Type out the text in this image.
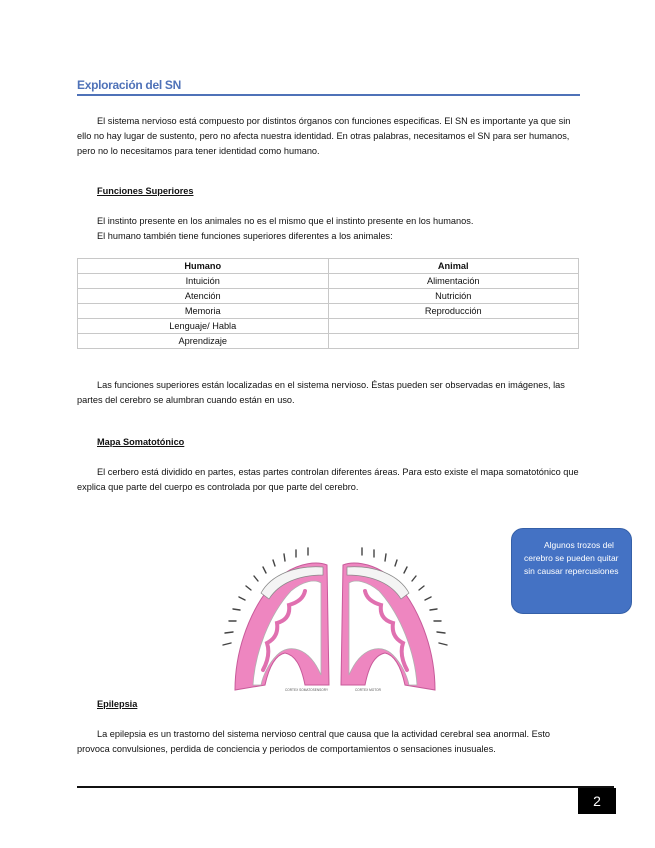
Exploración del SN

El sistema nervioso está compuesto por distintos órganos con funciones especificas. El SN es importante ya que sin ello no hay lugar de sustento, pero no afecta nuestra identidad. En otras palabras, necesitamos el SN para ser humanos, pero no lo necesitamos para tener identidad como humano.

Funciones Superiores

El instinto presente en los animales no es el mismo que el instinto presente en los humanos.

El humano también tiene funciones superiores diferentes a los animales:

Humano	Animal
Intuición	Alimentación
Atención	Nutrición
Memoria	Reproducción
Lenguaje/ Habla	
Aprendizaje	

Las funciones superiores están localizadas en el sistema nervioso. Éstas pueden ser observadas en imágenes, las partes del cerebro se alumbran cuando están en uso.

Mapa Somatotónico

El cerbero está dividido en partes, estas partes controlan diferentes áreas. Para esto existe el mapa somatotónico que explica que parte del cuerpo es controlada por que parte del cerebro.

CORTEX SOMATOSENSORY	CORTEX MOTOR

Algunos trozos del cerebro se pueden quitar sin causar repercusiones

Epilepsia

La epilepsia es un trastorno del sistema nervioso central que causa que la actividad cerebral sea anormal. Esto provoca convulsiones, perdida de conciencia y periodos de comportamientos o sensaciones inusuales.

2
